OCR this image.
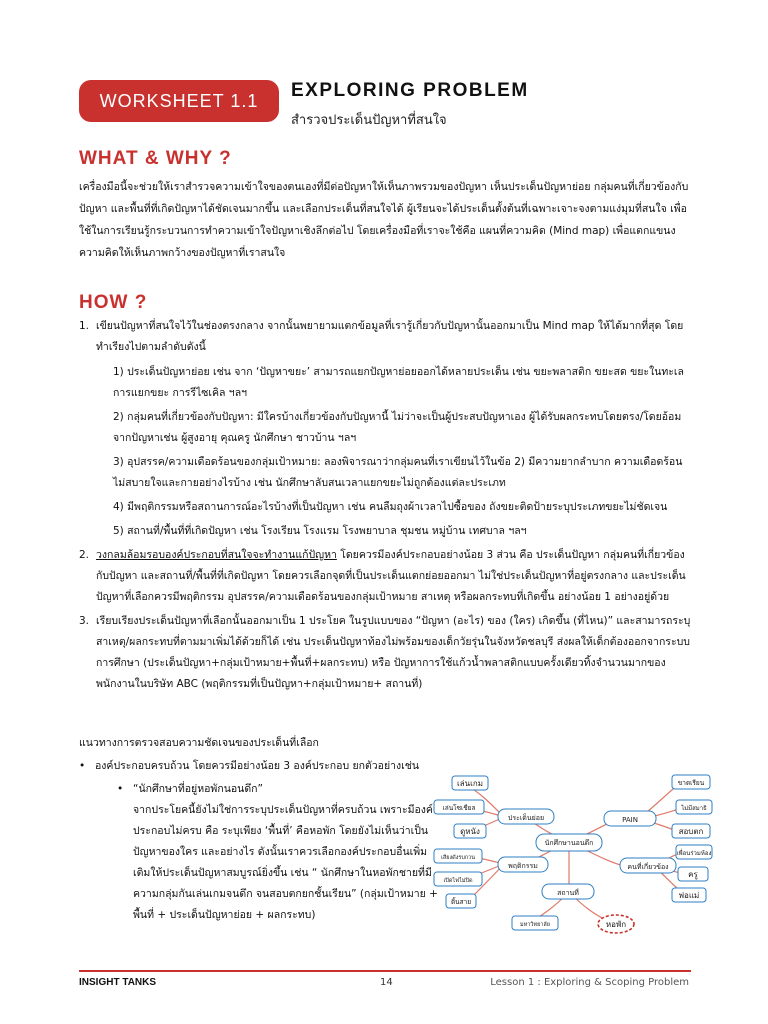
WORKSHEET 1.1	EXPLORING PROBLEM
สำรวจประเด็นปัญหาที่สนใจ
WHAT & WHY ?

เครื่องมือนี้จะช่วยให้เราสำรวจความเข้าใจของตนเองที่มีต่อปัญหาให้เห็นภาพรวมของปัญหา เห็นประเด็นปัญหาย่อย กลุ่มคนที่เกี่ยวข้องกับปัญหา และพื้นที่ที่เกิดปัญหาได้ชัดเจนมากขึ้น และเลือกประเด็นที่สนใจได้ ผู้เรียนจะได้ประเด็นตั้งต้นที่เฉพาะเจาะจงตามแง่มุมที่สนใจ เพื่อใช้ในการเรียนรู้กระบวนการทำความเข้าใจปัญหาเชิงลึกต่อไป โดยเครื่องมือที่เราจะใช้คือ แผนที่ความคิด (Mind map) เพื่อแตกแขนงความคิดให้เห็นภาพกว้างของปัญหาที่เราสนใจ

HOW ?
1. เขียนปัญหาที่สนใจไว้ในช่องตรงกลาง จากนั้นพยายามแตกข้อมูลที่เรารู้เกี่ยวกับปัญหานั้นออกมาเป็น Mind map ให้ได้มากที่สุด โดยทำเรียงไปตามลำดับดังนี้
1) ประเด็นปัญหาย่อย เช่น จาก ‘ปัญหาขยะ’ สามารถแยกปัญหาย่อยออกได้หลายประเด็น เช่น ขยะพลาสติก ขยะสด ขยะในทะเล การแยกขยะ การรีไซเคิล ฯลฯ
2) กลุ่มคนที่เกี่ยวข้องกับปัญหา: มีใครบ้างเกี่ยวข้องกับปัญหานี้ ไม่ว่าจะเป็นผู้ประสบปัญหาเอง ผู้ได้รับผลกระทบโดยตรง/โดยอ้อมจากปัญหาเช่น ผู้สูงอายุ คุณครู นักศึกษา ชาวบ้าน ฯลฯ
3) อุปสรรค/ความเดือดร้อนของกลุ่มเป้าหมาย: ลองพิจารณาว่ากลุ่มคนที่เราเขียนไว้ในข้อ 2) มีความยากลำบาก ความเดือดร้อน ไม่สบายใจและกายอย่างไรบ้าง เช่น นักศึกษาลับสนเวลาแยกขยะไม่ถูกต้องแต่ละประเภท
4) มีพฤติกรรมหรือสถานการณ์อะไรบ้างที่เป็นปัญหา เช่น คนลืมถุงผ้าเวลาไปซื้อของ ถังขยะติดป้ายระบุประเภทขยะไม่ชัดเจน
5) สถานที่/พื้นที่ที่เกิดปัญหา เช่น โรงเรียน โรงแรม โรงพยาบาล ชุมชน หมู่บ้าน เทศบาล ฯลฯ
2. วงกลมล้อมรอบองค์ประกอบที่สนใจจะทำงานแก้ปัญหา โดยควรมีองค์ประกอบอย่างน้อย 3 ส่วน คือ ประเด็นปัญหา กลุ่มคนที่เกี่ยวข้องกับปัญหา และสถานที่/พื้นที่ที่เกิดปัญหา โดยควรเลือกจุดที่เป็นประเด็นแตกย่อยออกมา ไม่ใช่ประเด็นปัญหาที่อยู่ตรงกลาง และประเด็นปัญหาที่เลือกควรมีพฤติกรรม อุปสรรค/ความเดือดร้อนของกลุ่มเป้าหมาย สาเหตุ หรือผลกระทบที่เกิดขึ้น อย่างน้อย 1 อย่างอยู่ด้วย
3. เรียบเรียงประเด็นปัญหาที่เลือกนั้นออกมาเป็น 1 ประโยค ในรูปแบบของ “ปัญหา (อะไร) ของ (ใคร) เกิดขึ้น (ที่ไหน)” และสามารถระบุสาเหตุ/ผลกระทบที่ตามมาเพิ่มได้ด้วยก็ได้ เช่น ประเด็นปัญหาท้องไม่พร้อมของเด็กวัยรุ่นในจังหวัดชลบุรี ส่งผลให้เด็กต้องออกจากระบบการศึกษา (ประเด็นปัญหา+กลุ่มเป้าหมาย+พื้นที่+ผลกระทบ) หรือ ปัญหาการใช้แก้วน้ำพลาสติกแบบครั้งเดียวทิ้งจำนวนมากของพนักงานในบริษัท ABC (พฤติกรรมที่เป็นปัญหา+กลุ่มเป้าหมาย+ สถานที่)
แนวทางการตรวจสอบความชัดเจนของประเด็นที่เลือก
• องค์ประกอบครบถ้วน โดยควรมีอย่างน้อย 3 องค์ประกอบ ยกตัวอย่างเช่น
• “นักศึกษาที่อยู่หอพักนอนดึก”
จากประโยคนี้ยังไม่ใช่การระบุประเด็นปัญหาที่ครบถ้วน เพราะมีองค์ประกอบไม่ครบ คือ ระบุเพียง ‘พื้นที่’ คือหอพัก โดยยังไม่เห็นว่าเป็นปัญหาของใคร และอย่างไร ดังนั้นเราควรเลือกองค์ประกอบอื่นเพิ่มเติมให้ประเด็นปัญหาสมบูรณ์ยิ่งขึ้น เช่น “ นักศึกษาในหอพักชายที่มีความกลุ่มกันเล่นเกมจนดึก จนสอบตกยกชั้นเรียน” (กลุ่มเป้าหมาย + พื้นที่ + ประเด็นปัญหาย่อย + ผลกระทบ)
นักศึกษานอนดึก
ประเด็นย่อย	PAIN
พฤติกรรม	คนที่เกี่ยวข้อง
สถานที่
เล่นเกม
เล่นโซเชียล
ดูหนัง
ขาดเรียน
ไม่มีสมาธิ
สอบตก
เพื่อนร่วมห้อง
ครู
พ่อแม่
เสียงดังรบกวน
เปิดไฟไม่ปิด
ติ้นสาย
มหาวิทยาลัย	หอพัก
INSIGHT TANKS	14	Lesson 1 : Exploring & Scoping Problem
